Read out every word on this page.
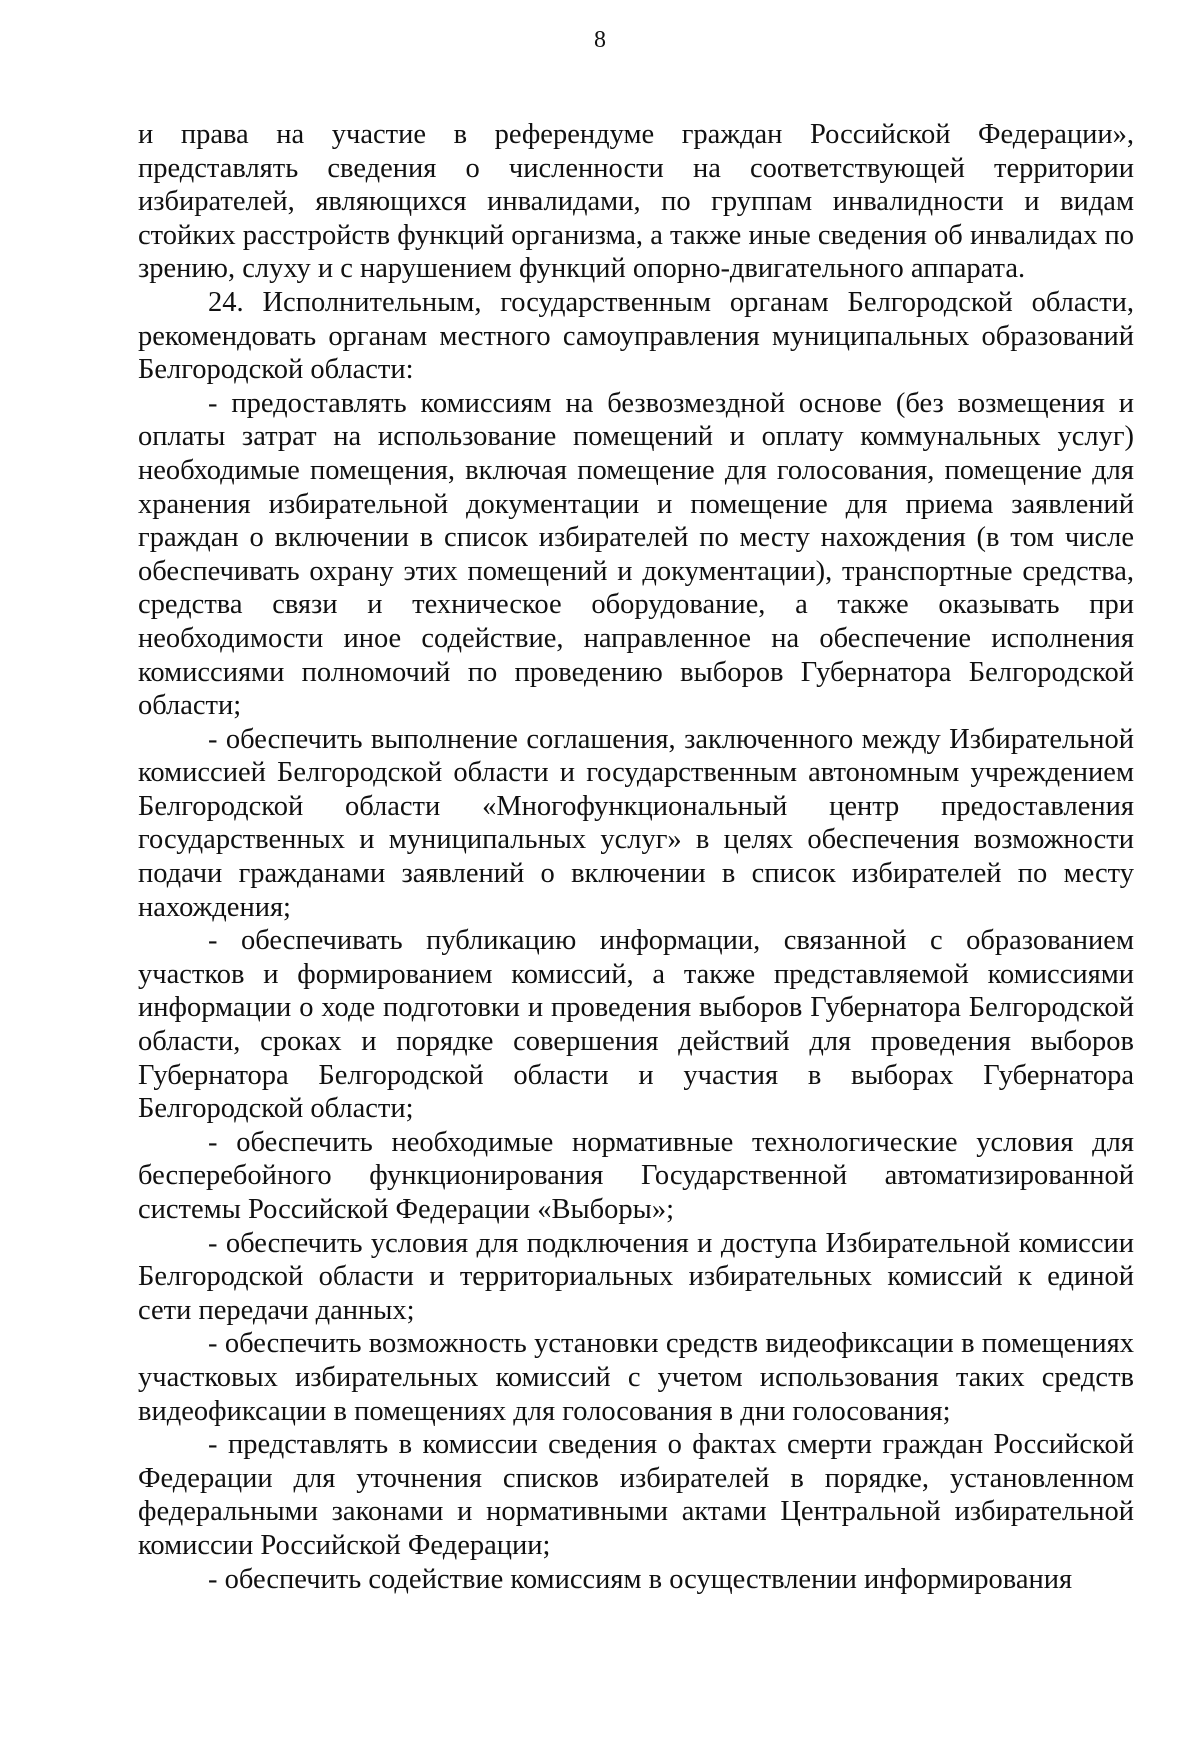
8

и права на участие в референдуме граждан Российской Федерации», представлять сведения о численности на соответствующей территории избирателей, являющихся инвалидами, по группам инвалидности и видам стойких расстройств функций организма, а также иные сведения об инвалидах по зрению, слуху и с нарушением функций опорно-двигательного аппарата.

24. Исполнительным, государственным органам Белгородской области, рекомендовать органам местного самоуправления муниципальных образований Белгородской области:

- предоставлять комиссиям на безвозмездной основе (без возмещения и оплаты затрат на использование помещений и оплату коммунальных услуг) необходимые помещения, включая помещение для голосования, помещение для хранения избирательной документации и помещение для приема заявлений граждан о включении в список избирателей по месту нахождения (в том числе обеспечивать охрану этих помещений и документации), транспортные средства, средства связи и техническое оборудование, а также оказывать при необходимости иное содействие, направленное на обеспечение исполнения комиссиями полномочий по проведению выборов Губернатора Белгородской области;

- обеспечить выполнение соглашения, заключенного между Избирательной комиссией Белгородской области и государственным автономным учреждением Белгородской области «Многофункциональный центр предоставления государственных и муниципальных услуг» в целях обеспечения возможности подачи гражданами заявлений о включении в список избирателей по месту нахождения;

- обеспечивать публикацию информации, связанной с образованием участков и формированием комиссий, а также представляемой комиссиями информации о ходе подготовки и проведения выборов Губернатора Белгородской области, сроках и порядке совершения действий для проведения выборов Губернатора Белгородской области и участия в выборах Губернатора Белгородской области;

- обеспечить необходимые нормативные технологические условия для бесперебойного функционирования Государственной автоматизированной системы Российской Федерации «Выборы»;

- обеспечить условия для подключения и доступа Избирательной комиссии Белгородской области и территориальных избирательных комиссий к единой сети передачи данных;

- обеспечить возможность установки средств видеофиксации в помещениях участковых избирательных комиссий с учетом использования таких средств видеофиксации в помещениях для голосования в дни голосования;

- представлять в комиссии сведения о фактах смерти граждан Российской Федерации для уточнения списков избирателей в порядке, установленном федеральными законами и нормативными актами Центральной избирательной комиссии Российской Федерации;

- обеспечить содействие комиссиям в осуществлении информирования
